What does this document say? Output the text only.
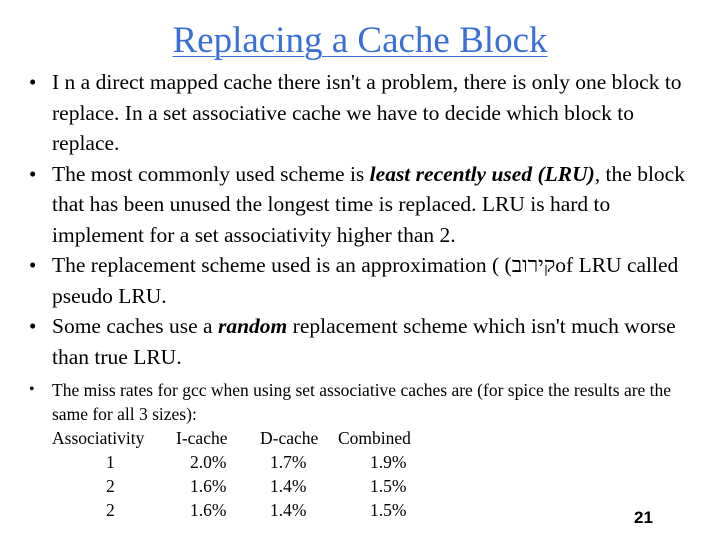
Replacing a Cache Block
• I n a direct mapped cache there isn't a problem, there is only one block to replace. In a set associative cache we have to decide which block to replace.
• The most commonly used scheme is least recently used (LRU), the block that has been unused the longest time is replaced. LRU is hard to implement for a set associativity higher than 2.
• The replacement scheme used is an approximation ( (קירובof LRU called pseudo LRU.
• Some caches use a random replacement scheme which isn't much worse than true LRU.
• The miss rates for gcc when using set associative caches are (for spice the results are the same for all 3 sizes):
Associativity	I-cache	D-cache	Combined
1	2.0%	1.7%	1.9%
2	1.6%	1.4%	1.5%
2	1.6%	1.4%	1.5%	21
